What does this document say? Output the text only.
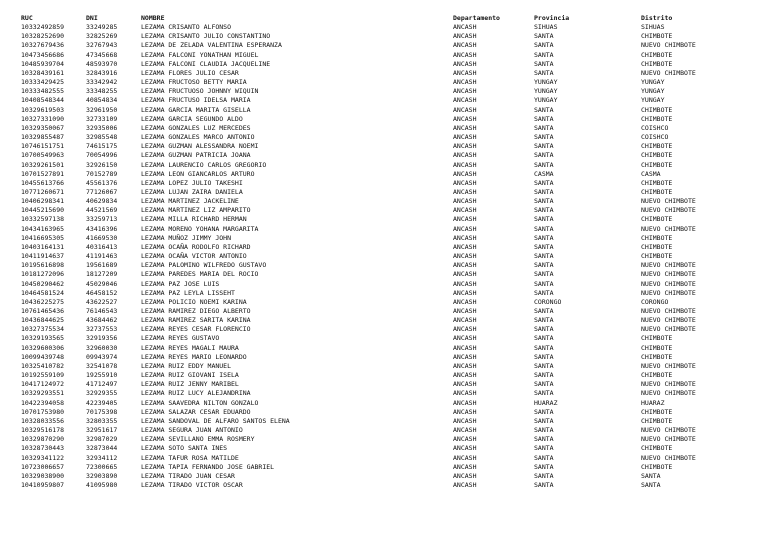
RUC	DNI	NOMBRE	Departamento	Provincia	Distrito
10332492859	33249285	LEZAMA CRISANTO ALFONSO	ANCASH	SIHUAS	SIHUAS
10328252690	32825269	LEZAMA CRISANTO JULIO CONSTANTINO	ANCASH	SANTA	CHIMBOTE
10327679436	32767943	LEZAMA DE ZELADA VALENTINA ESPERANZA	ANCASH	SANTA	NUEVO CHIMBOTE
10473456686	47345668	LEZAMA FALCONI YONATHAN MIGUEL	ANCASH	SANTA	CHIMBOTE
10485939704	48593970	LEZAMA FALCONI CLAUDIA JACQUELINE	ANCASH	SANTA	CHIMBOTE
10328439161	32843916	LEZAMA FLORES JULIO CESAR	ANCASH	SANTA	NUEVO CHIMBOTE
10333429425	33342942	LEZAMA FRUCTOSO BETTY MARIA	ANCASH	YUNGAY	YUNGAY
10333482555	33348255	LEZAMA FRUCTUOSO JOHNNY WIQUIN	ANCASH	YUNGAY	YUNGAY
10408548344	40854834	LEZAMA FRUCTUSO IDELSA MARIA	ANCASH	YUNGAY	YUNGAY
10329619503	32961950	LEZAMA GARCIA MARITA GISELLA	ANCASH	SANTA	CHIMBOTE
10327331090	32733109	LEZAMA GARCIA SEGUNDO ALDO	ANCASH	SANTA	CHIMBOTE
10329350067	32935006	LEZAMA GONZALES LUZ MERCEDES	ANCASH	SANTA	COISHCO
10329855487	32985548	LEZAMA GONZALES MARCO ANTONIO	ANCASH	SANTA	COISHCO
10746151751	74615175	LEZAMA GUZMAN ALESSANDRA NOEMI	ANCASH	SANTA	CHIMBOTE
10700549963	70054996	LEZAMA GUZMAN PATRICIA JOANA	ANCASH	SANTA	CHIMBOTE
10329261501	32926150	LEZAMA LAURENCIO CARLOS GREGORIO	ANCASH	SANTA	CHIMBOTE
10701527891	70152789	LEZAMA LEON GIANCARLOS ARTURO	ANCASH	CASMA	CASMA
10455613766	45561376	LEZAMA LOPEZ JULIO TAKESHI	ANCASH	SANTA	CHIMBOTE
10771260671	77126067	LEZAMA LUJAN ZAIRA DANIELA	ANCASH	SANTA	CHIMBOTE
10406298341	40629834	LEZAMA MARTINEZ JACKELINE	ANCASH	SANTA	NUEVO CHIMBOTE
10445215690	44521569	LEZAMA MARTINEZ LIZ AMPARITO	ANCASH	SANTA	NUEVO CHIMBOTE
10332597138	33259713	LEZAMA MILLA RICHARD HERMAN	ANCASH	SANTA	CHIMBOTE
10434163965	43416396	LEZAMA MORENO YOHANA MARGARITA	ANCASH	SANTA	NUEVO CHIMBOTE
10416695305	41669530	LEZAMA MUÑOZ JIMMY JOHN	ANCASH	SANTA	CHIMBOTE
10403164131	40316413	LEZAMA OCAÑA RODOLFO RICHARD	ANCASH	SANTA	CHIMBOTE
10411914637	41191463	LEZAMA OCAÑA VICTOR ANTONIO	ANCASH	SANTA	CHIMBOTE
10195616898	19561689	LEZAMA PALOMINO WILFREDO GUSTAVO	ANCASH	SANTA	NUEVO CHIMBOTE
10181272096	18127209	LEZAMA PAREDES MARIA DEL ROCIO	ANCASH	SANTA	NUEVO CHIMBOTE
10450290462	45029046	LEZAMA PAZ JOSE LUIS	ANCASH	SANTA	NUEVO CHIMBOTE
10464581524	46458152	LEZAMA PAZ LEYLA LISSEHT	ANCASH	SANTA	NUEVO CHIMBOTE
10436225275	43622527	LEZAMA POLICIO NOEMI KARINA	ANCASH	CORONGO	CORONGO
10761465436	76146543	LEZAMA RAMIREZ DIEGO ALBERTO	ANCASH	SANTA	NUEVO CHIMBOTE
10436844625	43684462	LEZAMA RAMIREZ SARITA KARINA	ANCASH	SANTA	NUEVO CHIMBOTE
10327375534	32737553	LEZAMA REYES CESAR FLORENCIO	ANCASH	SANTA	NUEVO CHIMBOTE
10329193565	32919356	LEZAMA REYES GUSTAVO	ANCASH	SANTA	CHIMBOTE
10329600306	32960030	LEZAMA REYES MAGALI MAURA	ANCASH	SANTA	CHIMBOTE
10099439748	09943974	LEZAMA REYES MARIO LEONARDO	ANCASH	SANTA	CHIMBOTE
10325410782	32541078	LEZAMA RUIZ EDDY MANUEL	ANCASH	SANTA	NUEVO CHIMBOTE
10192559109	19255910	LEZAMA RUIZ GIOVANI ISELA	ANCASH	SANTA	CHIMBOTE
10417124972	41712497	LEZAMA RUIZ JENNY MARIBEL	ANCASH	SANTA	NUEVO CHIMBOTE
10329293551	32929355	LEZAMA RUIZ LUCY ALEJANDRINA	ANCASH	SANTA	NUEVO CHIMBOTE
10422394058	42239405	LEZAMA SAAVEDRA NILTON GONZALO	ANCASH	HUARAZ	HUARAZ
10701753980	70175398	LEZAMA SALAZAR CESAR EDUARDO	ANCASH	SANTA	CHIMBOTE
10328033556	32803355	LEZAMA SANDOVAL DE ALFARO SANTOS ELENA	ANCASH	SANTA	CHIMBOTE
10329516178	32951617	LEZAMA SEGURA JUAN ANTONIO	ANCASH	SANTA	NUEVO CHIMBOTE
10329870290	32987029	LEZAMA SEVILLANO EMMA ROSMERY	ANCASH	SANTA	NUEVO CHIMBOTE
10328730443	32873044	LEZAMA SOTO SANTA INES	ANCASH	SANTA	CHIMBOTE
10329341122	32934112	LEZAMA TAFUR ROSA MATILDE	ANCASH	SANTA	NUEVO CHIMBOTE
10723006657	72300665	LEZAMA TAPIA FERNANDO JOSE GABRIEL	ANCASH	SANTA	CHIMBOTE
10329038900	32903890	LEZAMA TIRADO JUAN CESAR	ANCASH	SANTA	SANTA
10410959807	41095980	LEZAMA TIRADO VICTOR OSCAR	ANCASH	SANTA	SANTA
